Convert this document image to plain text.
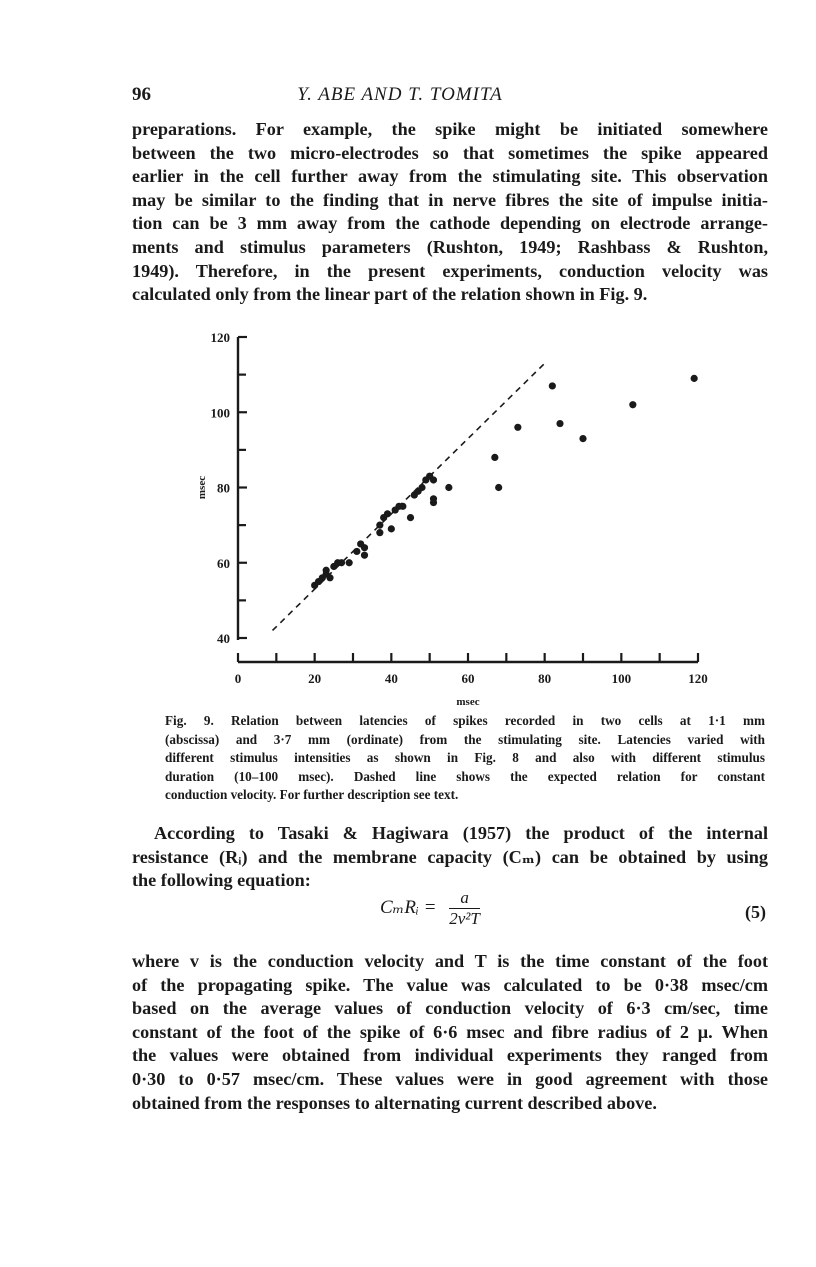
96	Y. ABE AND T. TOMITA

preparations. For example, the spike might be initiated somewhere
between the two micro-electrodes so that sometimes the spike appeared
earlier in the cell further away from the stimulating site. This observation
may be similar to the finding that in nerve fibres the site of impulse initia-
tion can be 3 mm away from the cathode depending on electrode arrange-
ments and stimulus parameters (Rushton, 1949; Rashbass & Rushton,
1949). Therefore, in the present experiments, conduction velocity was
calculated only from the linear part of the relation shown in Fig. 9.

40
60
80
100
120
0	20	40	60	80	100	120
msec
msec

Fig. 9. Relation between latencies of spikes recorded in two cells at 1·1 mm
(abscissa) and 3·7 mm (ordinate) from the stimulating site. Latencies varied with
different stimulus intensities as shown in Fig. 8 and also with different stimulus
duration (10–100 msec). Dashed line shows the expected relation for constant
conduction velocity. For further description see text.

According to Tasaki & Hagiwara (1957) the product of the internal
resistance (Rᵢ) and the membrane capacity (Cₘ) can be obtained by using
the following equation:

CₘRᵢ = $\frac{a}{\text{2v²T}}$	(5)

where v is the conduction velocity and T is the time constant of the foot
of the propagating spike. The value was calculated to be 0·38 msec/cm
based on the average values of conduction velocity of 6·3 cm/sec, time
constant of the foot of the spike of 6·6 msec and fibre radius of 2 μ. When
the values were obtained from individual experiments they ranged from
0·30 to 0·57 msec/cm. These values were in good agreement with those
obtained from the responses to alternating current described above.
